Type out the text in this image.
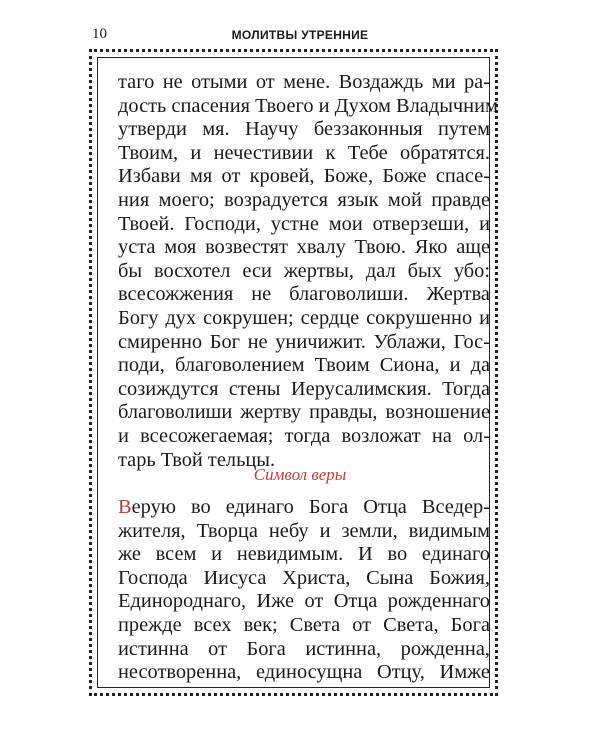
10	МОЛИТВЫ УТРЕННИЕ
таго не отыми от мене. Воздаждь ми ра-
дость спасения Твоего и Духом Владычним
утверди мя. Научу беззаконныя путем
Твоим, и нечестивии к Тебе обратятся.
Избави мя от кровей, Боже, Боже спасе-
ния моего; возрадуется язык мой правде
Твоей. Господи, устне мои отверзеши, и
уста моя возвестят хвалу Твою. Яко аще
бы восхотел еси жертвы, дал бых убо:
всесожжения не благоволиши. Жертва
Богу дух сокрушен; сердце сокрушенно и
смиренно Бог не уничижит. Ублажи, Гос-
поди, благоволением Твоим Сиона, и да
созиждутся стены Иерусалимския. Тогда
благоволиши жертву правды, возношение
и всесожегаемая; тогда возложат на ол-
тарь Твой тельцы.
Символ веры
Верую во единаго Бога Отца Вседер-
жителя, Творца небу и земли, видимым
же всем и невидимым. И во единаго
Господа Иисуса Христа, Сына Божия,
Единороднаго, Иже от Отца рожденнаго
прежде всех век; Света от Света, Бога
истинна от Бога истинна, рожденна,
несотворенна, единосущна Отцу, Имже
